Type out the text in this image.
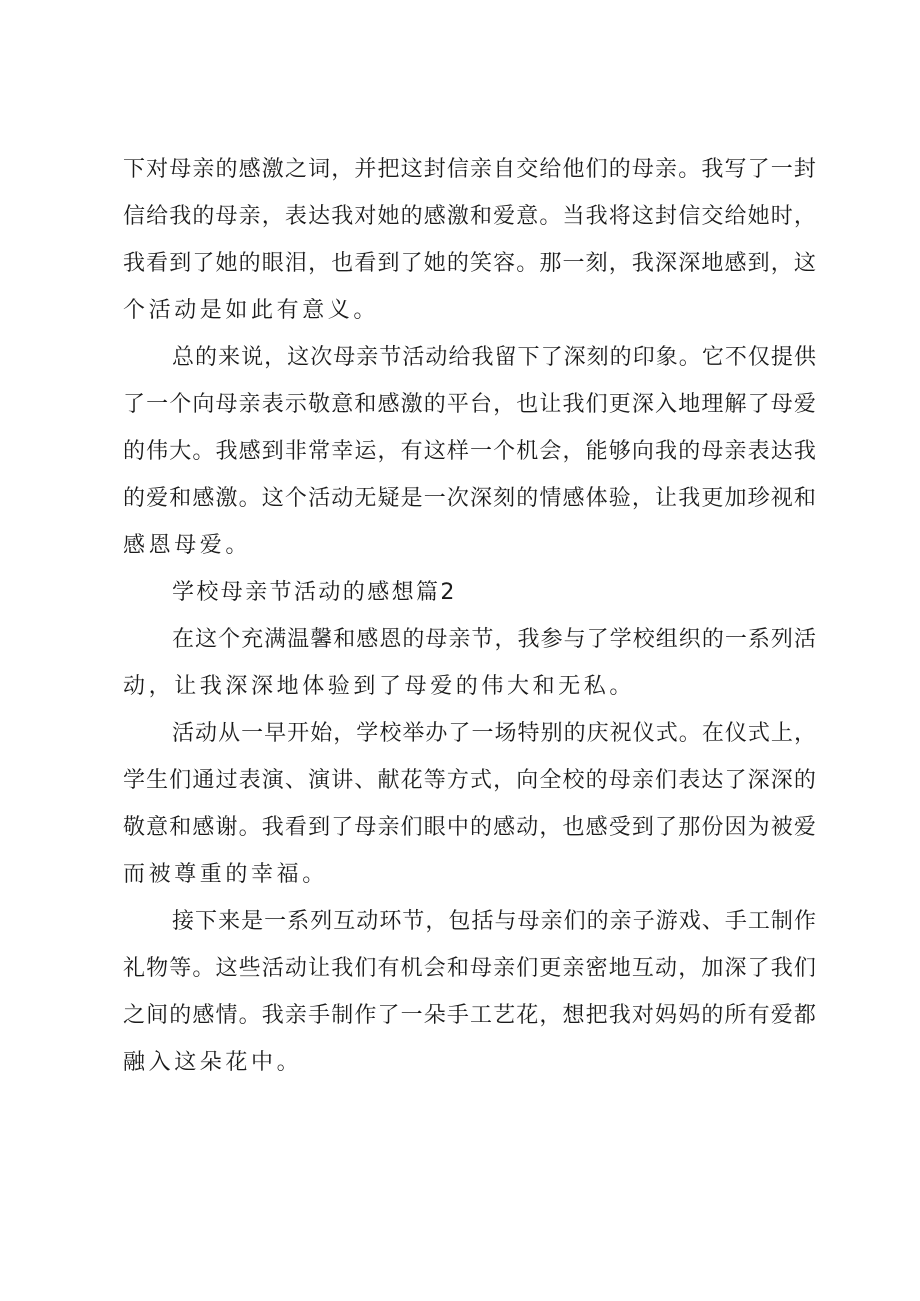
下对母亲的感激之词，并把这封信亲自交给他们的母亲。我写了一封
信给我的母亲，表达我对她的感激和爱意。当我将这封信交给她时，
我看到了她的眼泪，也看到了她的笑容。那一刻，我深深地感到，这
个活动是如此有意义。
总的来说，这次母亲节活动给我留下了深刻的印象。它不仅提供
了一个向母亲表示敬意和感激的平台，也让我们更深入地理解了母爱
的伟大。我感到非常幸运，有这样一个机会，能够向我的母亲表达我
的爱和感激。这个活动无疑是一次深刻的情感体验，让我更加珍视和
感恩母爱。
学校母亲节活动的感想篇2
在这个充满温馨和感恩的母亲节，我参与了学校组织的一系列活
动，让我深深地体验到了母爱的伟大和无私。
活动从一早开始，学校举办了一场特别的庆祝仪式。在仪式上，
学生们通过表演、演讲、献花等方式，向全校的母亲们表达了深深的
敬意和感谢。我看到了母亲们眼中的感动，也感受到了那份因为被爱
而被尊重的幸福。
接下来是一系列互动环节，包括与母亲们的亲子游戏、手工制作
礼物等。这些活动让我们有机会和母亲们更亲密地互动，加深了我们
之间的感情。我亲手制作了一朵手工艺花，想把我对妈妈的所有爱都
融入这朵花中。
